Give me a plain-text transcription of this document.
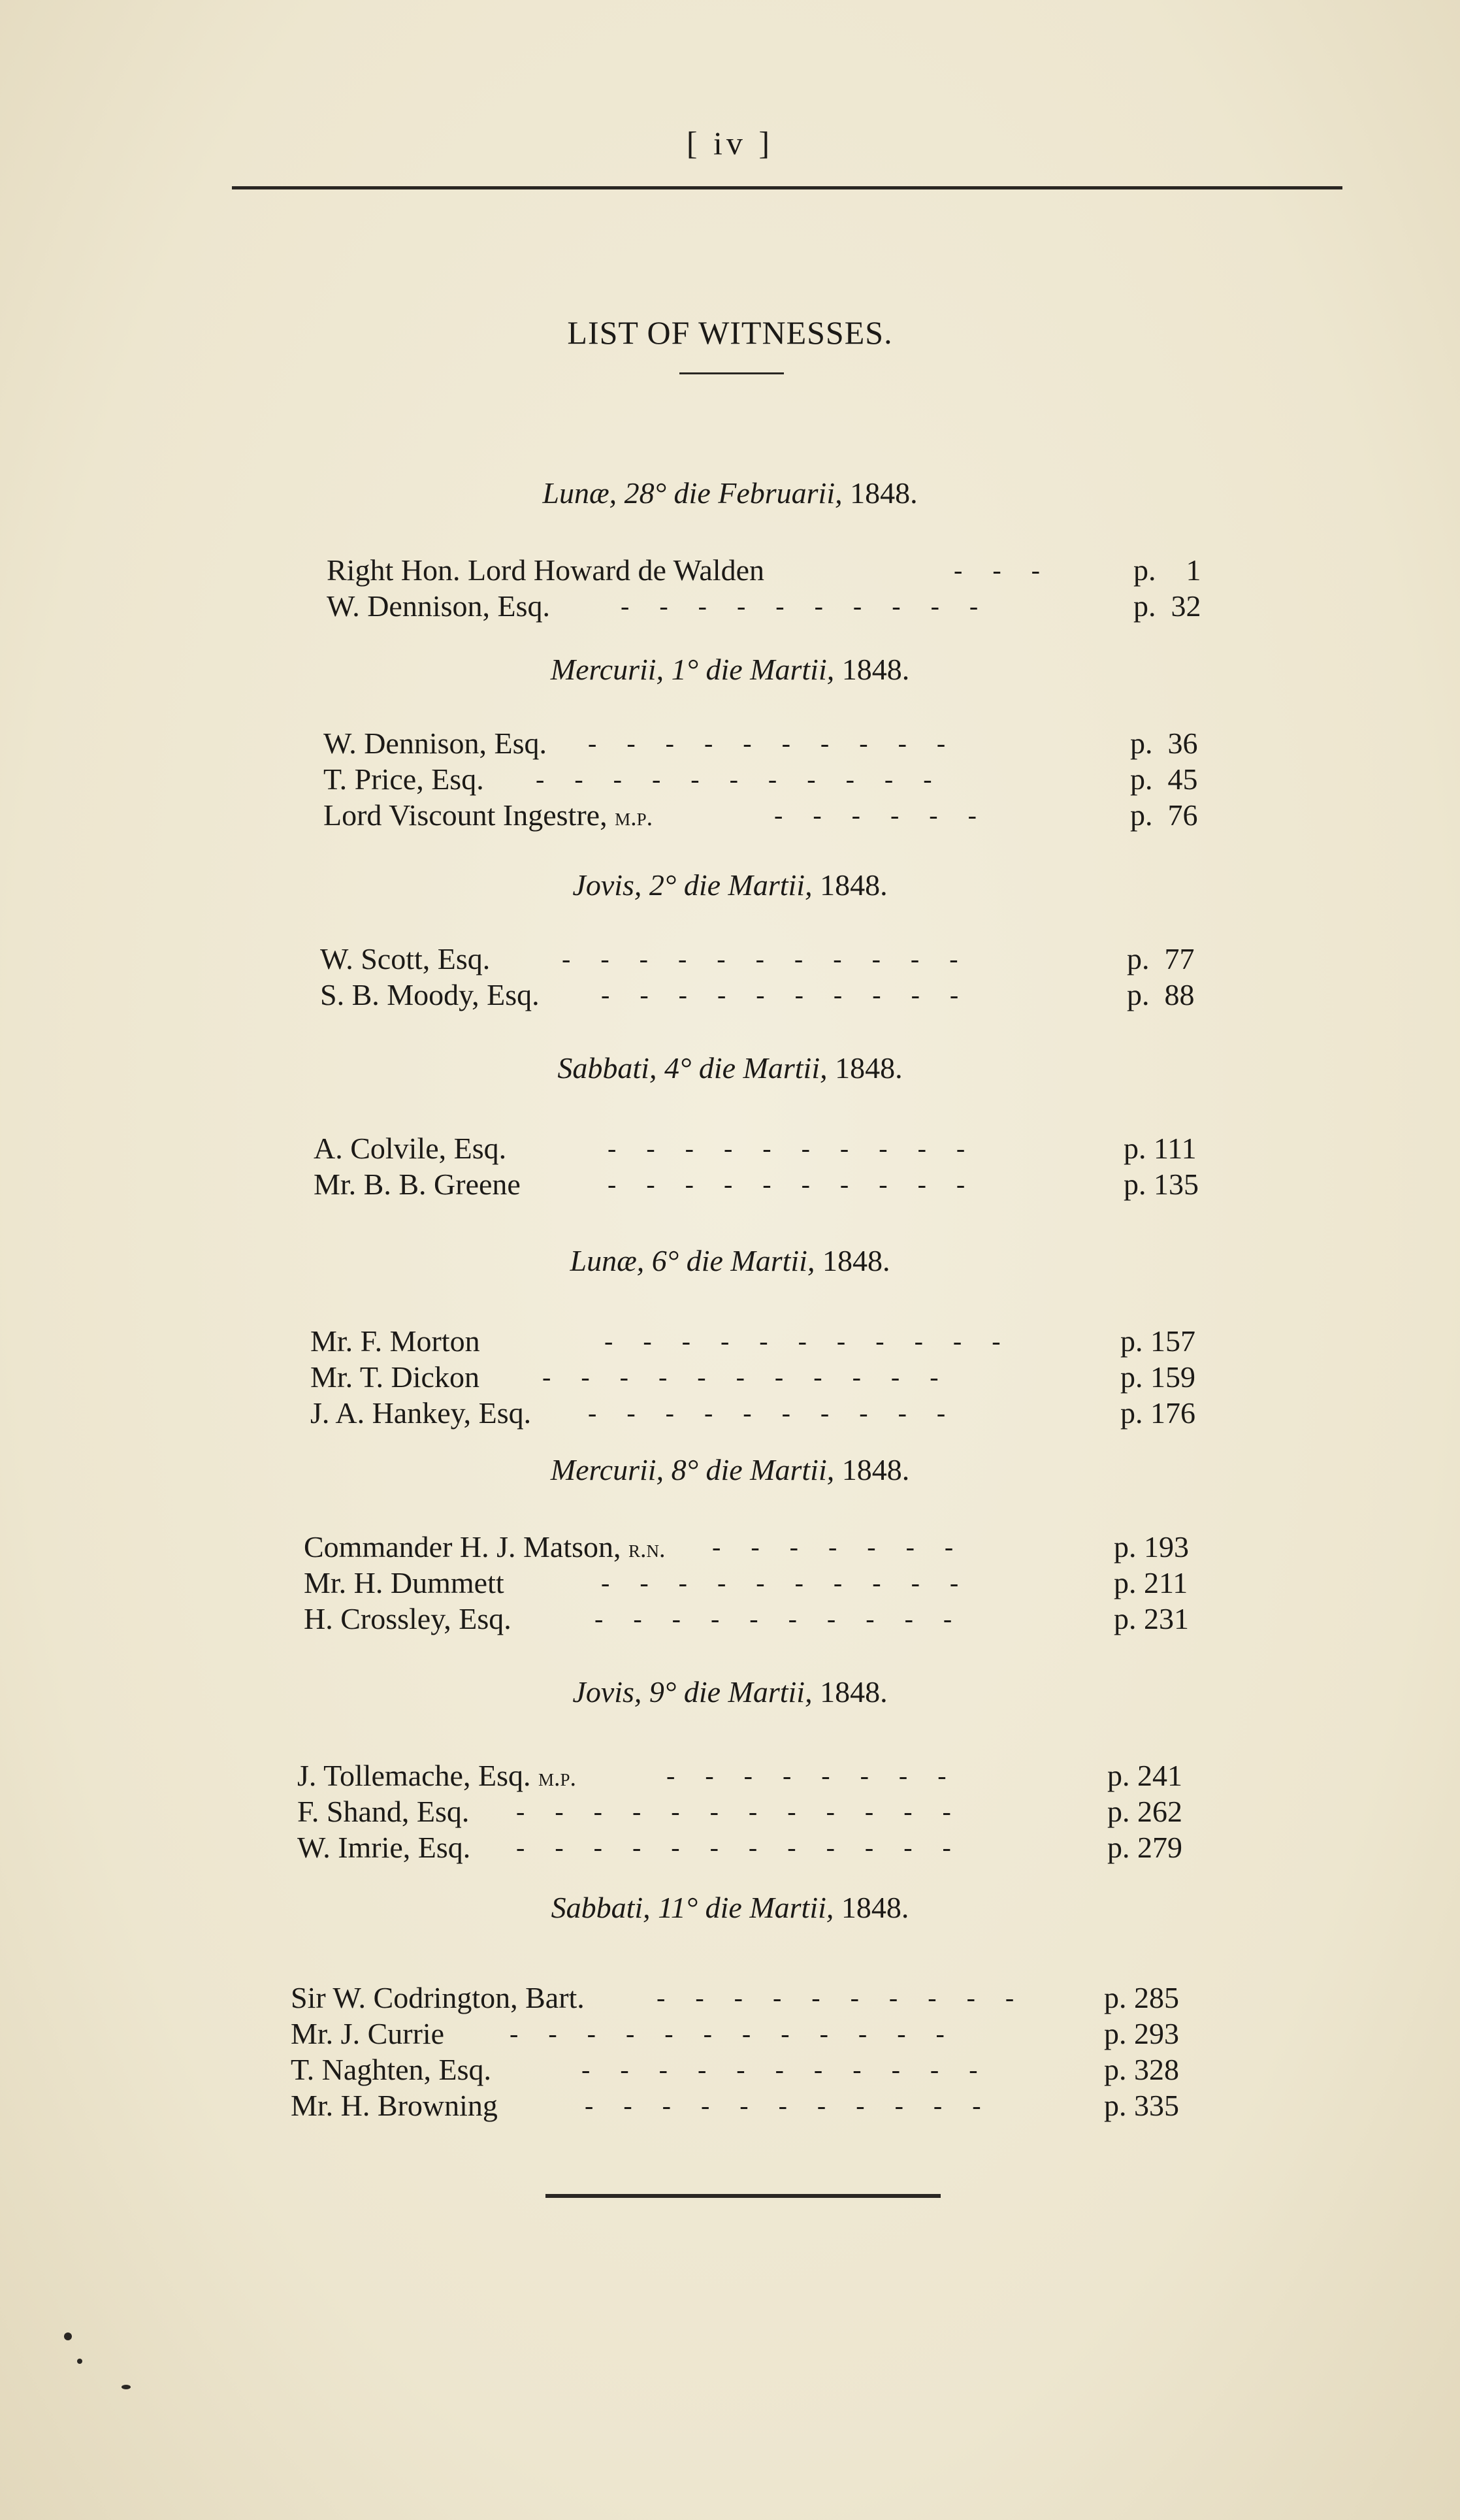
[ iv ]
LIST OF WITNESSES.
Lunæ, 28° die Februarii, 1848.
Right Hon. Lord Howard de Walden	- - -	p.    1
W. Dennison, Esq.	- - - - - - - - - -	p.  32
Mercurii, 1° die Martii, 1848.
W. Dennison, Esq. - - - - - - - - - -	p.  36
T. Price, Esq. - - - - - - - - - - -	p.  45
Lord Viscount Ingestre, m.p.	- - - - - -	p.  76
Jovis, 2° die Martii, 1848.
W. Scott, Esq.	- - - - - - - - - - -	p.  77
S. B. Moody, Esq. - - - - - - - - - -	p.  88
Sabbati, 4° die Martii, 1848.
A. Colvile, Esq.	- - - - - - - - - -	p. 111
Mr. B. B. Greene	- - - - - - - - - -	p. 135
Lunæ, 6° die Martii, 1848.
Mr. F. Morton	- - - - - - - - - - -	p. 157
Mr. T. Dickon - - - - - - - - - - -	p. 159
J. A. Hankey, Esq. - - - - - - - - - -	p. 176
Mercurii, 8° die Martii, 1848.
Commander H. J. Matson, r.n. - - - - - - -	p. 193
Mr. H. Dummett	- - - - - - - - - -	p. 211
H. Crossley, Esq.	- - - - - - - - - -	p. 231
Jovis, 9° die Martii, 1848.
J. Tollemache, Esq. m.p.	- - - - - - - -	p. 241
F. Shand, Esq. - - - - - - - - - - - -	p. 262
W. Imrie, Esq. - - - - - - - - - - - -	p. 279
Sabbati, 11° die Martii, 1848.
Sir W. Codrington, Bart.	- - - - - - - - - -	p. 285
Mr. J. Currie - - - - - - - - - - - -	p. 293
T. Naghten, Esq.	- - - - - - - - - - -	p. 328
Mr. H. Browning	- - - - - - - - - - -	p. 335
